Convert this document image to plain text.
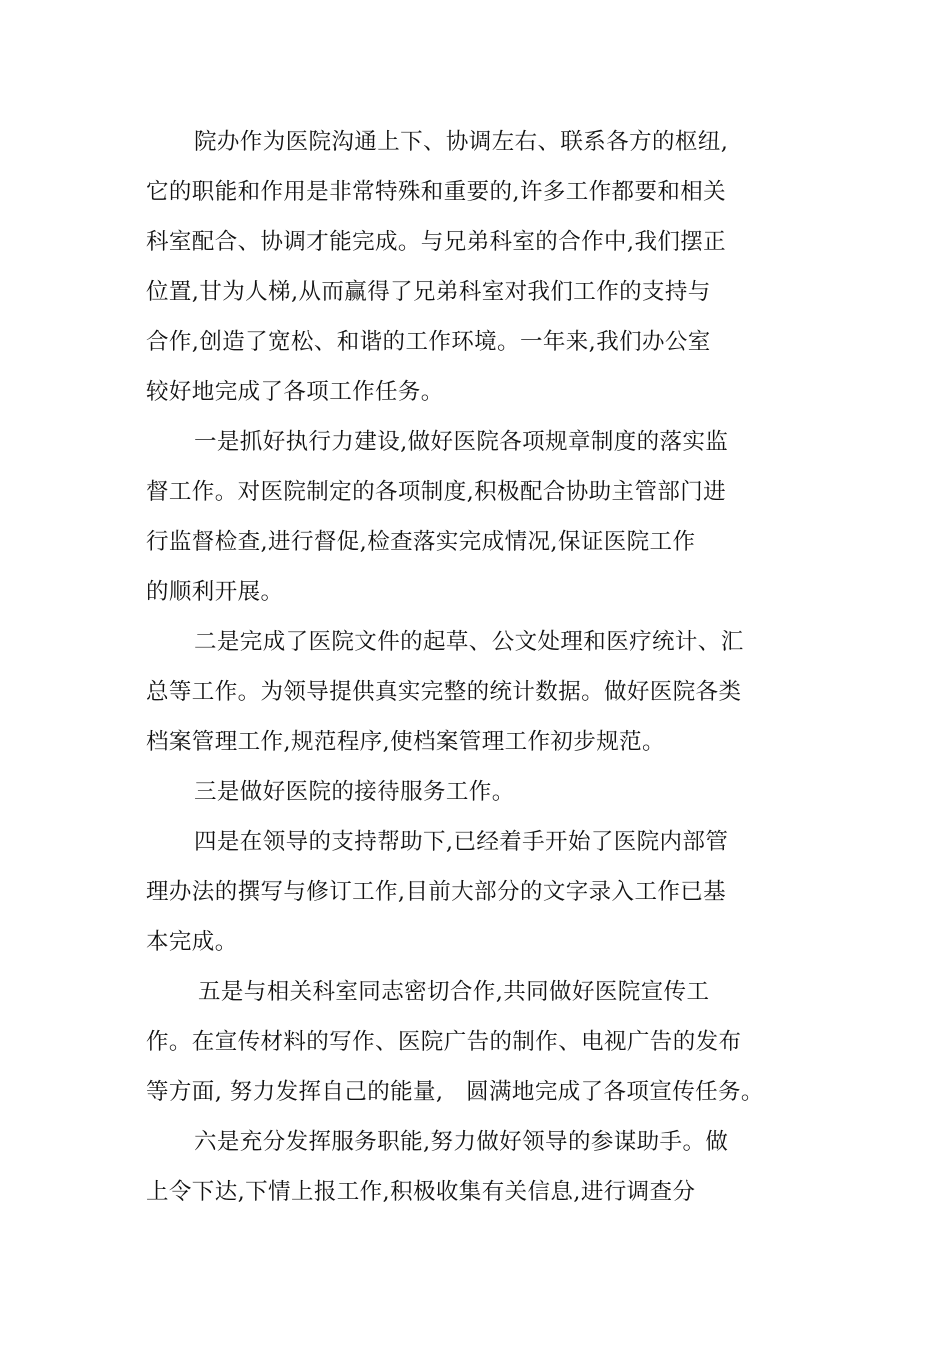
院办作为医院沟通上下、协调左右、联系各方的枢纽,
它的职能和作用是非常特殊和重要的,许多工作都要和相关
科室配合、协调才能完成。与兄弟科室的合作中,我们摆正
位置,甘为人梯,从而赢得了兄弟科室对我们工作的支持与
合作,创造了宽松、和谐的工作环境。一年来,我们办公室
较好地完成了各项工作任务。
一是抓好执行力建设,做好医院各项规章制度的落实监
督工作。对医院制定的各项制度,积极配合协助主管部门进
行监督检查,进行督促,检查落实完成情况,保证医院工作
的顺利开展。
二是完成了医院文件的起草、公文处理和医疗统计、汇
总等工作。为领导提供真实完整的统计数据。做好医院各类
档案管理工作,规范程序,使档案管理工作初步规范。
三是做好医院的接待服务工作。
四是在领导的支持帮助下,已经着手开始了医院内部管
理办法的撰写与修订工作,目前大部分的文字录入工作已基
本完成。
五是与相关科室同志密切合作,共同做好医院宣传工
作。在宣传材料的写作、医院广告的制作、电视广告的发布
等方面, 努力发挥自己的能量,   圆满地完成了各项宣传任务。
六是充分发挥服务职能,努力做好领导的参谋助手。做
上令下达,下情上报工作,积极收集有关信息,进行调查分
